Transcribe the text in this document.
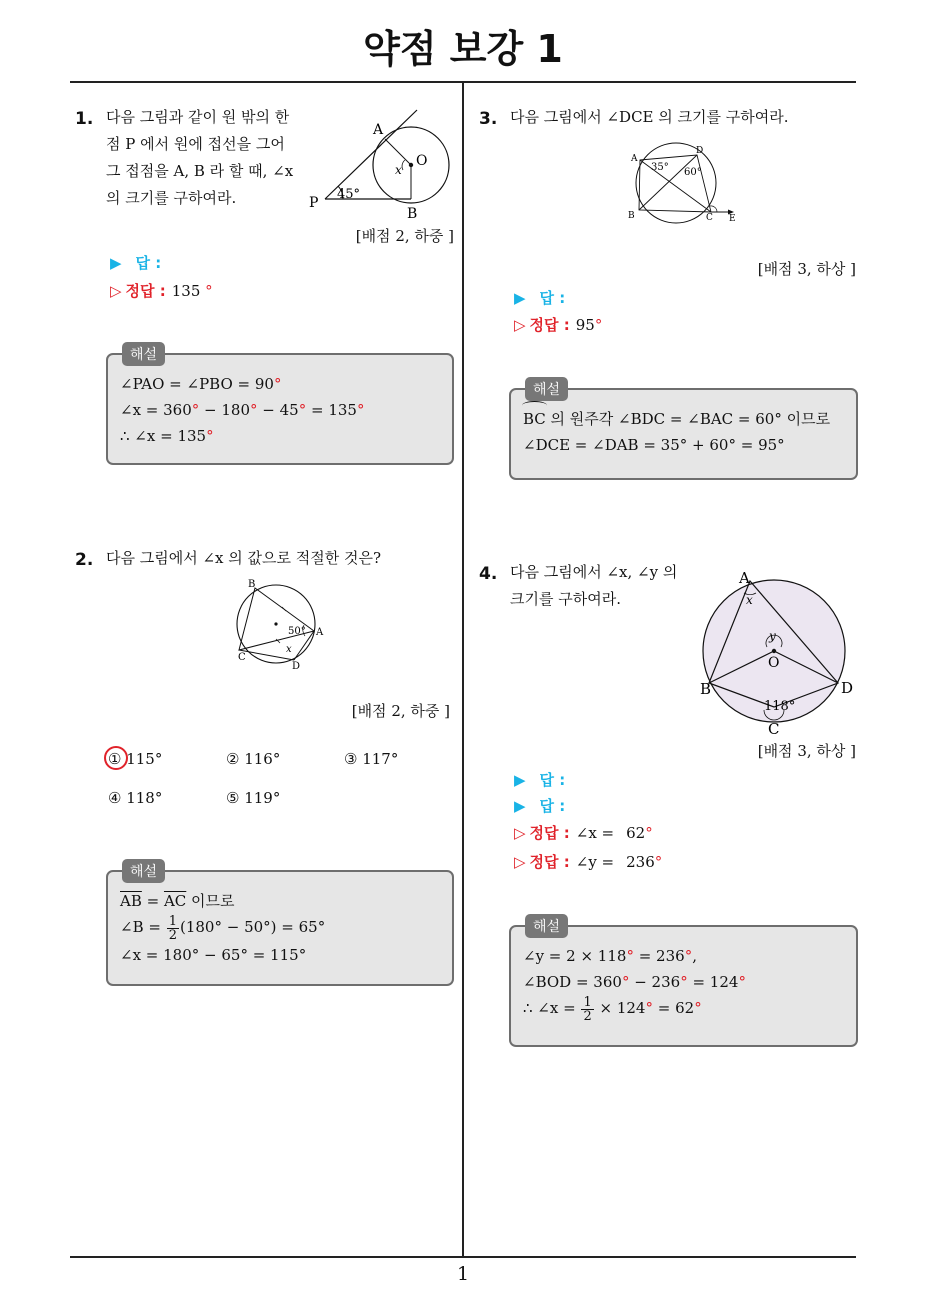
약점 보강 1
1
1. 다음 그림과 같이 원 밖의 한
점 P 에서 원에 접선을 그어
그 접점을 A, B 라 할 때, ∠x
의 크기를 구하여라.
A
B
P
O
x
45°
[배점 2, 하중 ]
▶ 답 :
▷ 정답 : 135 °
해설
∠PAO = ∠PBO = 90°
∠x = 360° − 180° − 45° = 135°
∴ ∠x = 135°
2. 다음 그림에서 ∠x 의 값으로 적절한 것은?
B
A
C
D
50°
x
[배점 2, 하중 ]
① 115°	② 116°	③ 117°
④ 118°	⑤ 119°
해설
$\overline{AB} = \overline{AC}$ 이므로
∠B = $\frac{1}{2} (180^\circ - 50^\circ) = 65^\circ$
∠x = 180° − 65° = 115°
3. 다음 그림에서 ∠DCE 의 크기를 구하여라.
A
D
B	C E
35° 60°
[배점 3, 하상 ]
▶ 답 :
▷ 정답 : 95°
해설
BC 의 원주각 ∠BDC = ∠BAC = 60° 이므로
∠DCE = ∠DAB = 35° + 60° = 95°
4. 다음 그림에서 ∠x, ∠y 의
크기를 구하여라.
A
B	D
C
O
y
x
118°
[배점 3, 하상 ]
▶ 답 :
▶ 답 :
▷ 정답 : ∠x = 62°
▷ 정답 : ∠y = 236°
해설
∠y = 2 × 118° = 236°,
∠BOD = 360° − 236° = 124°
∴ ∠x = $\frac{1}{2} \times 124^\circ = 62^\circ$
